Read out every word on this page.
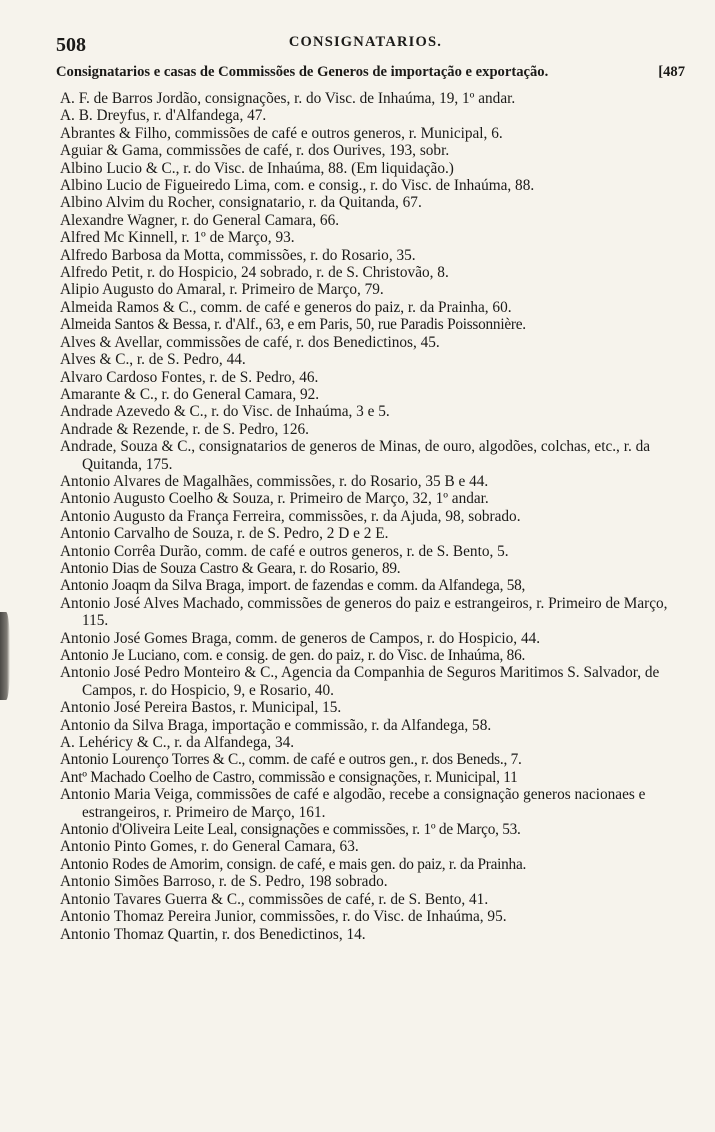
508	CONSIGNATARIOS.
Consignatarios e casas de Commissões de Generos de importação e exportação.	[487
A. F. de Barros Jordão, consignações, r. do Visc. de Inhaúma, 19, 1º andar.
A. B. Dreyfus, r. d'Alfandega, 47.
Abrantes & Filho, commissões de café e outros generos, r. Municipal, 6.
Aguiar & Gama, commissões de café, r. dos Ourives, 193, sobr.
Albino Lucio & C., r. do Visc. de Inhaúma, 88. (Em liquidação.)
Albino Lucio de Figueiredo Lima, com. e consig., r. do Visc. de Inhaúma, 88.
Albino Alvim du Rocher, consignatario, r. da Quitanda, 67.
Alexandre Wagner, r. do General Camara, 66.
Alfred Mc Kinnell, r. 1º de Março, 93.
Alfredo Barbosa da Motta, commissões, r. do Rosario, 35.
Alfredo Petit, r. do Hospicio, 24 sobrado, r. de S. Christovão, 8.
Alipio Augusto do Amaral, r. Primeiro de Março, 79.
Almeida Ramos & C., comm. de café e generos do paiz, r. da Prainha, 60.
Almeida Santos & Bessa, r. d'Alf., 63, e em Paris, 50, rue Paradis Poissonnière.
Alves & Avellar, commissões de café, r. dos Benedictinos, 45.
Alves & C., r. de S. Pedro, 44.
Alvaro Cardoso Fontes, r. de S. Pedro, 46.
Amarante & C., r. do General Camara, 92.
Andrade Azevedo & C., r. do Visc. de Inhaúma, 3 e 5.
Andrade & Rezende, r. de S. Pedro, 126.
Andrade, Souza & C., consignatarios de generos de Minas, de ouro, algodões, colchas, etc., r. da Quitanda, 175.
Antonio Alvares de Magalhães, commissões, r. do Rosario, 35 B e 44.
Antonio Augusto Coelho & Souza, r. Primeiro de Março, 32, 1º andar.
Antonio Augusto da França Ferreira, commissões, r. da Ajuda, 98, sobrado.
Antonio Carvalho de Souza, r. de S. Pedro, 2 D e 2 E.
Antonio Corrêa Durão, comm. de café e outros generos, r. de S. Bento, 5.
Antonio Dias de Souza Castro & Geara, r. do Rosario, 89.
Antonio Joaqm da Silva Braga, import. de fazendas e comm. da Alfandega, 58,
Antonio José Alves Machado, commissões de generos do paiz e estrangeiros, r. Primeiro de Março, 115.
Antonio José Gomes Braga, comm. de generos de Campos, r. do Hospicio, 44.
Antonio Je Luciano, com. e consig. de gen. do paiz, r. do Visc. de Inhaúma, 86.
Antonio José Pedro Monteiro & C., Agencia da Companhia de Seguros Maritimos S. Salvador, de Campos, r. do Hospicio, 9, e Rosario, 40.
Antonio José Pereira Bastos, r. Municipal, 15.
Antonio da Silva Braga, importação e commissão, r. da Alfandega, 58.
A. Lehéricy & C., r. da Alfandega, 34.
Antonio Lourenço Torres & C., comm. de café e outros gen., r. dos Beneds., 7.
Antº Machado Coelho de Castro, commissão e consignações, r. Municipal, 11
Antonio Maria Veiga, commissões de café e algodão, recebe a consignação generos nacionaes e estrangeiros, r. Primeiro de Março, 161.
Antonio d'Oliveira Leite Leal, consignações e commissões, r. 1º de Março, 53.
Antonio Pinto Gomes, r. do General Camara, 63.
Antonio Rodes de Amorim, consign. de café, e mais gen. do paiz, r. da Prainha.
Antonio Simões Barroso, r. de S. Pedro, 198 sobrado.
Antonio Tavares Guerra & C., commissões de café, r. de S. Bento, 41.
Antonio Thomaz Pereira Junior, commissões, r. do Visc. de Inhaúma, 95.
Antonio Thomaz Quartin, r. dos Benedictinos, 14.
